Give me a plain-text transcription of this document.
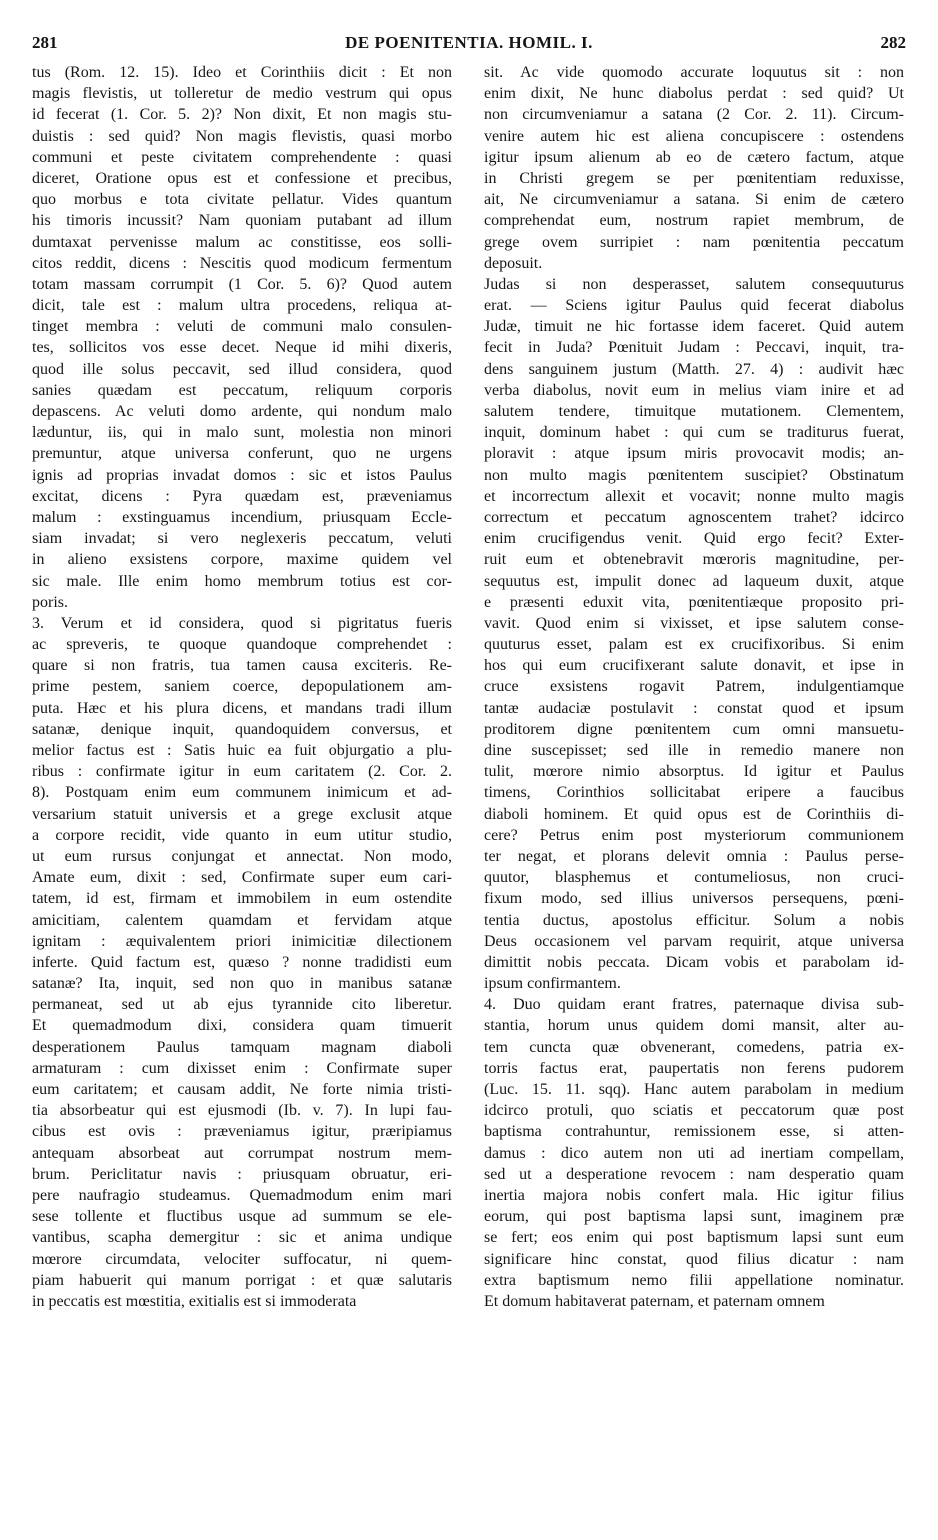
281	DE POENITENTIA. HOMIL. I.	282
tus (Rom. 12. 15). Ideo et Corinthiis dicit : Et non
magis flevistis, ut tolleretur de medio vestrum qui opus
id fecerat (1. Cor. 5. 2)? Non dixit, Et non magis stu-
duistis : sed quid? Non magis flevistis, quasi morbo
communi et peste civitatem comprehendente : quasi
diceret, Oratione opus est et confessione et precibus,
quo morbus e tota civitate pellatur. Vides quantum
his timoris incussit? Nam quoniam putabant ad illum
dumtaxat pervenisse malum ac constitisse, eos solli-
citos reddit, dicens : Nescitis quod modicum fermentum
totam massam corrumpit (1 Cor. 5. 6)? Quod autem
dicit, tale est : malum ultra procedens, reliqua at-
tinget membra : veluti de communi malo consulen-
tes, sollicitos vos esse decet. Neque id mihi dixeris,
quod ille solus peccavit, sed illud considera, quod
sanies quædam est peccatum, reliquum corporis
depascens. Ac veluti domo ardente, qui nondum malo
læduntur, iis, qui in malo sunt, molestia non minori
premuntur, atque universa conferunt, quo ne urgens
ignis ad proprias invadat domos : sic et istos Paulus
excitat, dicens : Pyra quædam est, præveniamus
malum : exstinguamus incendium, priusquam Eccle-
siam invadat; si vero neglexeris peccatum, veluti
in alieno exsistens corpore, maxime quidem vel
sic male. Ille enim homo membrum totius est cor-
poris.
3. Verum et id considera, quod si pigritatus fueris
ac spreveris, te quoque quandoque comprehendet :
quare si non fratris, tua tamen causa exciteris. Re-
prime pestem, saniem coerce, depopulationem am-
puta. Hæc et his plura dicens, et mandans tradi illum
satanæ, denique inquit, quandoquidem conversus, et
melior factus est : Satis huic ea fuit objurgatio a plu-
ribus : confirmate igitur in eum caritatem (2. Cor. 2.
8). Postquam enim eum communem inimicum et ad-
versarium statuit universis et a grege exclusit atque
a corpore recidit, vide quanto in eum utitur studio,
ut eum rursus conjungat et annectat. Non modo,
Amate eum, dixit : sed, Confirmate super eum cari-
tatem, id est, firmam et immobilem in eum ostendite
amicitiam, calentem quamdam et fervidam atque
ignitam : æquivalentem priori inimicitiæ dilectionem
inferte. Quid factum est, quæso ? nonne tradidisti eum
satanæ? Ita, inquit, sed non quo in manibus satanæ
permaneat, sed ut ab ejus tyrannide cito liberetur.
Et quemadmodum dixi, considera quam timuerit
desperationem Paulus tamquam magnam diaboli
armaturam : cum dixisset enim : Confirmate super
eum caritatem; et causam addit, Ne forte nimia tristi-
tia absorbeatur qui est ejusmodi (Ib. v. 7). In lupi fau-
cibus est ovis : præveniamus igitur, præripiamus
antequam absorbeat aut corrumpat nostrum mem-
brum. Periclitatur navis : priusquam obruatur, eri-
pere naufragio studeamus. Quemadmodum enim mari
sese tollente et fluctibus usque ad summum se ele-
vantibus, scapha demergitur : sic et anima undique
mœrore circumdata, velociter suffocatur, ni quem-
piam habuerit qui manum porrigat : et quæ salutaris
in peccatis est mœstitia, exitialis est si immoderata
sit. Ac vide quomodo accurate loquutus sit : non
enim dixit, Ne hunc diabolus perdat : sed quid? Ut
non circumveniamur a satana (2 Cor. 2. 11). Circum-
venire autem hic est aliena concupiscere : ostendens
igitur ipsum alienum ab eo de cætero factum, atque
in Christi gregem se per pœnitentiam reduxisse,
ait, Ne circumveniamur a satana. Si enim de cætero
comprehendat eum, nostrum rapiet membrum, de
grege ovem surripiet : nam pœnitentia peccatum
deposuit.
Judas si non desperasset, salutem consequuturus
erat. — Sciens igitur Paulus quid fecerat diabolus
Judæ, timuit ne hic fortasse idem faceret. Quid autem
fecit in Juda? Pœnituit Judam : Peccavi, inquit, tra-
dens sanguinem justum (Matth. 27. 4) : audivit hæc
verba diabolus, novit eum in melius viam inire et ad
salutem tendere, timuitque mutationem. Clementem,
inquit, dominum habet : qui cum se traditurus fuerat,
ploravit : atque ipsum miris provocavit modis; an-
non multo magis pœnitentem suscipiet? Obstinatum
et incorrectum allexit et vocavit; nonne multo magis
correctum et peccatum agnoscentem trahet? idcirco
enim crucifigendus venit. Quid ergo fecit? Exter-
ruit eum et obtenebravit mœroris magnitudine, per-
sequutus est, impulit donec ad laqueum duxit, atque
e præsenti eduxit vita, pœnitentiæque proposito pri-
vavit. Quod enim si vixisset, et ipse salutem conse-
quuturus esset, palam est ex crucifixoribus. Si enim
hos qui eum crucifixerant salute donavit, et ipse in
cruce exsistens rogavit Patrem, indulgentiamque
tantæ audaciæ postulavit : constat quod et ipsum
proditorem digne pœnitentem cum omni mansuetu-
dine suscepisset; sed ille in remedio manere non
tulit, mœrore nimio absorptus. Id igitur et Paulus
timens, Corinthios sollicitabat eripere a faucibus
diaboli hominem. Et quid opus est de Corinthiis di-
cere? Petrus enim post mysteriorum communionem
ter negat, et plorans delevit omnia : Paulus perse-
quutor, blasphemus et contumeliosus, non cruci-
fixum modo, sed illius universos persequens, pœni-
tentia ductus, apostolus efficitur. Solum a nobis
Deus occasionem vel parvam requirit, atque universa
dimittit nobis peccata. Dicam vobis et parabolam id-
ipsum confirmantem.
4. Duo quidam erant fratres, paternaque divisa sub-
stantia, horum unus quidem domi mansit, alter au-
tem cuncta quæ obvenerant, comedens, patria ex-
torris factus erat, paupertatis non ferens pudorem
(Luc. 15. 11. sqq). Hanc autem parabolam in medium
idcirco protuli, quo sciatis et peccatorum quæ post
baptisma contrahuntur, remissionem esse, si atten-
damus : dico autem non uti ad inertiam compellam,
sed ut a desperatione revocem : nam desperatio quam
inertia majora nobis confert mala. Hic igitur filius
eorum, qui post baptisma lapsi sunt, imaginem præ
se fert; eos enim qui post baptismum lapsi sunt eum
significare hinc constat, quod filius dicatur : nam
extra baptismum nemo filii appellatione nominatur.
Et domum habitaverat paternam, et paternam omnem
